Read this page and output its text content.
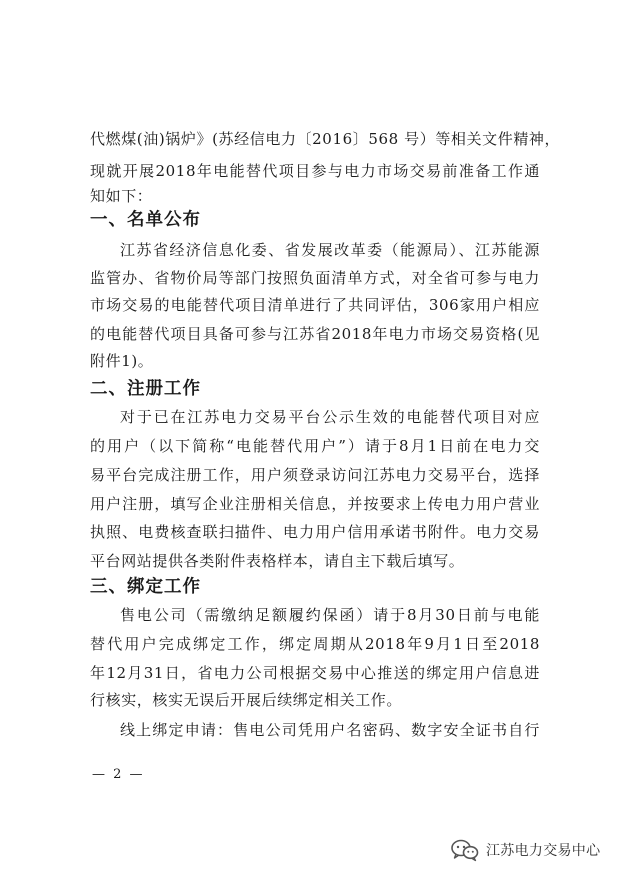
代燃煤(油)锅炉》(苏经信电力〔2016〕568 号）等相关文件精神，
现就开展2018年电能替代项目参与电力市场交易前准备工作通
知如下：
一、名单公布
江苏省经济信息化委、省发展改革委（能源局）、江苏能源
监管办、省物价局等部门按照负面清单方式，对全省可参与电力
市场交易的电能替代项目清单进行了共同评估，306家用户相应
的电能替代项目具备可参与江苏省2018年电力市场交易资格(见
附件1)。
二、注册工作
对于已在江苏电力交易平台公示生效的电能替代项目对应
的用户（以下简称“电能替代用户”）请于8月1日前在电力交
易平台完成注册工作，用户须登录访问江苏电力交易平台，选择
用户注册，填写企业注册相关信息，并按要求上传电力用户营业
执照、电费核查联扫描件、电力用户信用承诺书附件。电力交易
平台网站提供各类附件表格样本，请自主下载后填写。
三、绑定工作
售电公司（需缴纳足额履约保函）请于8月30日前与电能
替代用户完成绑定工作，绑定周期从2018年9月1日至2018
年12月31日，省电力公司根据交易中心推送的绑定用户信息进
行核实，核实无误后开展后续绑定相关工作。
线上绑定申请：售电公司凭用户名密码、数字安全证书自行
— 2 —
江苏电力交易中心
